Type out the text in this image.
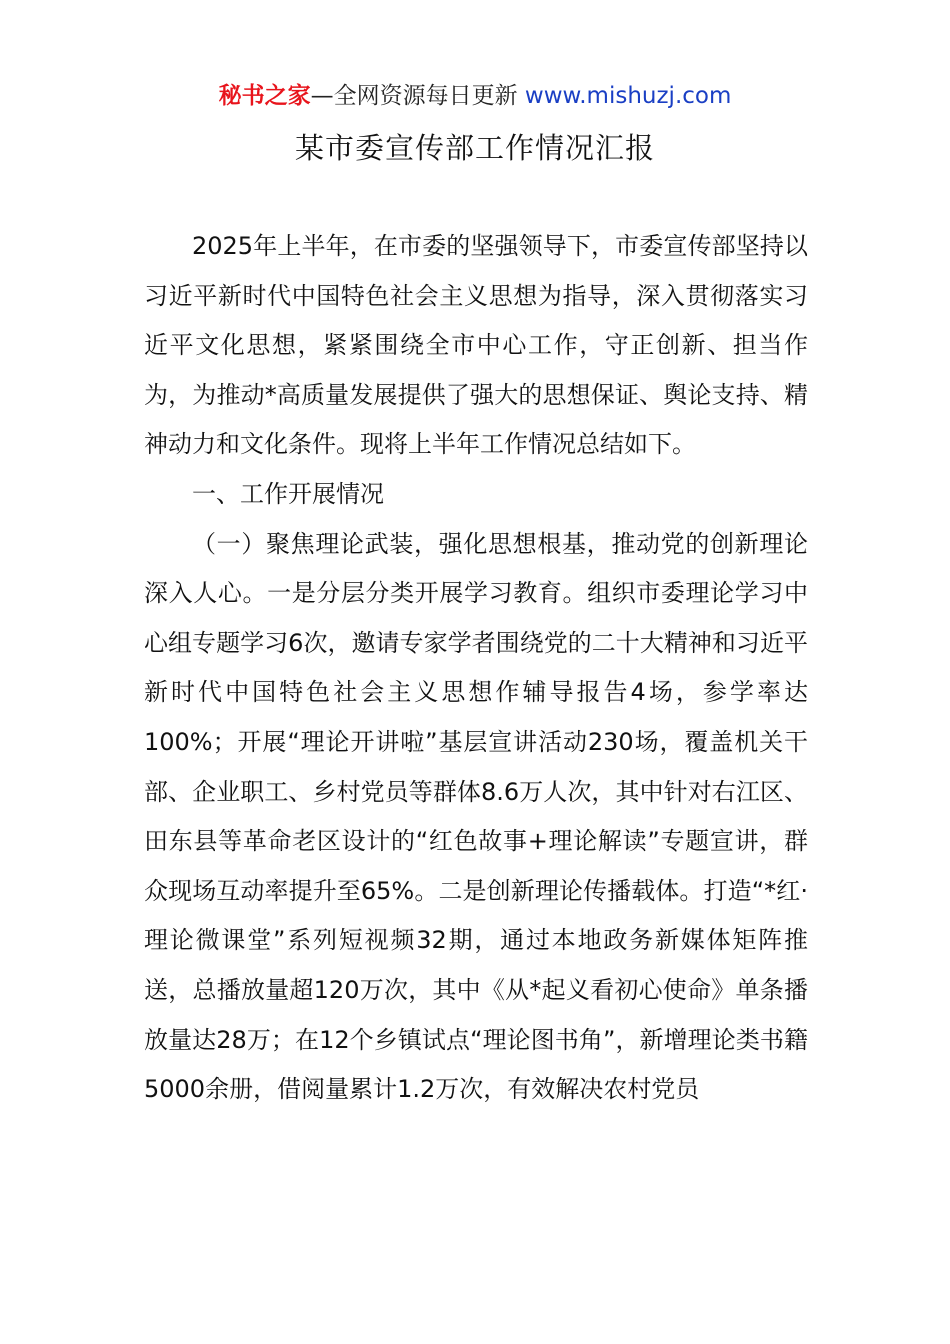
秘书之家—全网资源每日更新 www.mishuzj.com
某市委宣传部工作情况汇报

2025年上半年，在市委的坚强领导下，市委宣传部坚持以习近平新时代中国特色社会主义思想为指导，深入贯彻落实习近平文化思想，紧紧围绕全市中心工作，守正创新、担当作为，为推动*高质量发展提供了强大的思想保证、舆论支持、精神动力和文化条件。现将上半年工作情况总结如下。

一、工作开展情况

（一）聚焦理论武装，强化思想根基，推动党的创新理论深入人心。一是分层分类开展学习教育。组织市委理论学习中心组专题学习6次，邀请专家学者围绕党的二十大精神和习近平新时代中国特色社会主义思想作辅导报告4场，参学率达100%；开展“理论开讲啦”基层宣讲活动230场，覆盖机关干部、企业职工、乡村党员等群体8.6万人次，其中针对右江区、田东县等革命老区设计的“红色故事+理论解读”专题宣讲，群众现场互动率提升至65%。二是创新理论传播载体。打造“*红·理论微课堂”系列短视频32期，通过本地政务新媒体矩阵推送，总播放量超120万次，其中《从*起义看初心使命》单条播放量达28万；在12个乡镇试点“理论图书角”，新增理论类书籍5000余册，借阅量累计1.2万次，有效解决农村党员
